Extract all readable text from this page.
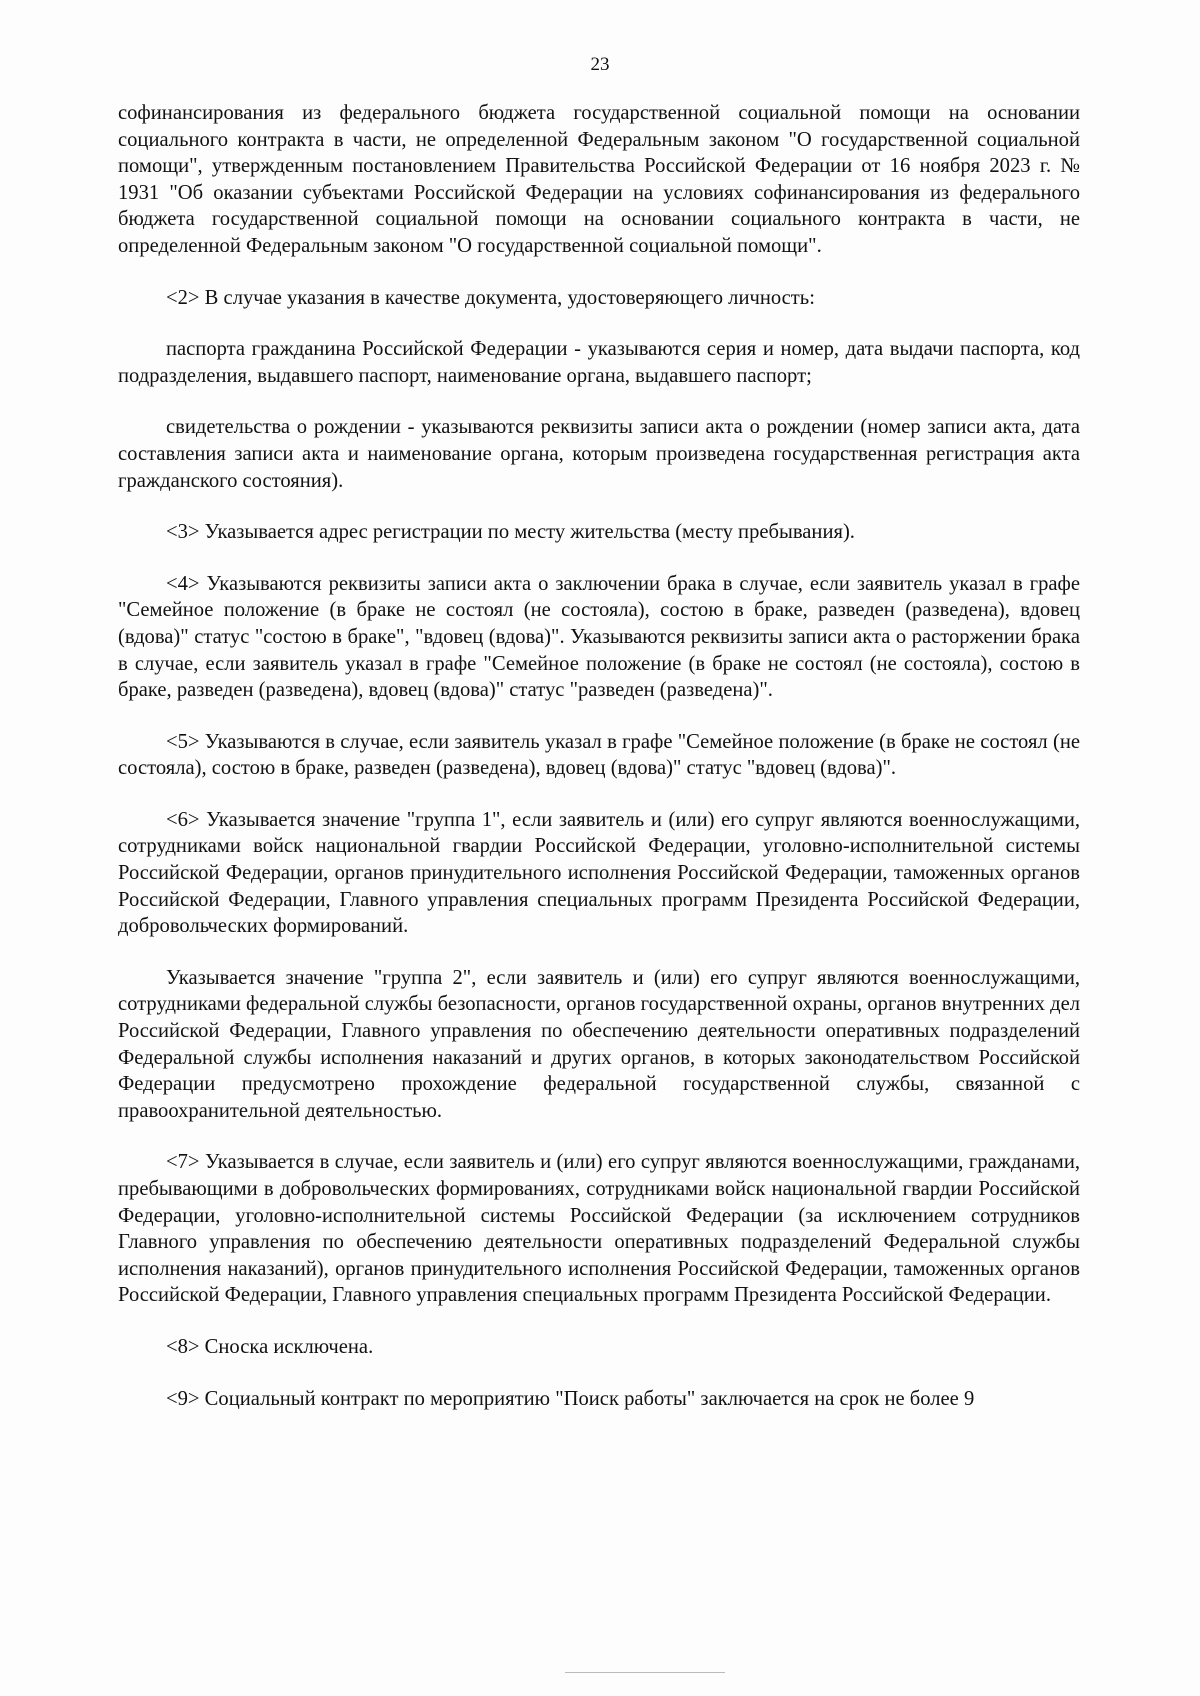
23

софинансирования из федерального бюджета государственной социальной помощи на основании социального контракта в части, не определенной Федеральным законом "О государственной социальной помощи", утвержденным постановлением Правительства Российской Федерации от 16 ноября 2023 г. № 1931 "Об оказании субъектами Российской Федерации на условиях софинансирования из федерального бюджета государственной социальной помощи на основании социального контракта в части, не определенной Федеральным законом "О государственной социальной помощи".

<2> В случае указания в качестве документа, удостоверяющего личность:

паспорта гражданина Российской Федерации - указываются серия и номер, дата выдачи паспорта, код подразделения, выдавшего паспорт, наименование органа, выдавшего паспорт;

свидетельства о рождении - указываются реквизиты записи акта о рождении (номер записи акта, дата составления записи акта и наименование органа, которым произведена государственная регистрация акта гражданского состояния).

<3> Указывается адрес регистрации по месту жительства (месту пребывания).

<4> Указываются реквизиты записи акта о заключении брака в случае, если заявитель указал в графе "Семейное положение (в браке не состоял (не состояла), состою в браке, разведен (разведена), вдовец (вдова)" статус "состою в браке", "вдовец (вдова)". Указываются реквизиты записи акта о расторжении брака в случае, если заявитель указал в графе "Семейное положение (в браке не состоял (не состояла), состою в браке, разведен (разведена), вдовец (вдова)" статус "разведен (разведена)".

<5> Указываются в случае, если заявитель указал в графе "Семейное положение (в браке не состоял (не состояла), состою в браке, разведен (разведена), вдовец (вдова)" статус "вдовец (вдова)".

<6> Указывается значение "группа 1", если заявитель и (или) его супруг являются военнослужащими, сотрудниками войск национальной гвардии Российской Федерации, уголовно-исполнительной системы Российской Федерации, органов принудительного исполнения Российской Федерации, таможенных органов Российской Федерации, Главного управления специальных программ Президента Российской Федерации, добровольческих формирований.

Указывается значение "группа 2", если заявитель и (или) его супруг являются военнослужащими, сотрудниками федеральной службы безопасности, органов государственной охраны, органов внутренних дел Российской Федерации, Главного управления по обеспечению деятельности оперативных подразделений Федеральной службы исполнения наказаний и других органов, в которых законодательством Российской Федерации предусмотрено прохождение федеральной государственной службы, связанной с правоохранительной деятельностью.

<7> Указывается в случае, если заявитель и (или) его супруг являются военнослужащими, гражданами, пребывающими в добровольческих формированиях, сотрудниками войск национальной гвардии Российской Федерации, уголовно-исполнительной системы Российской Федерации (за исключением сотрудников Главного управления по обеспечению деятельности оперативных подразделений Федеральной службы исполнения наказаний), органов принудительного исполнения Российской Федерации, таможенных органов Российской Федерации, Главного управления специальных программ Президента Российской Федерации.

<8> Сноска исключена.

<9> Социальный контракт по мероприятию "Поиск работы" заключается на срок не более 9
